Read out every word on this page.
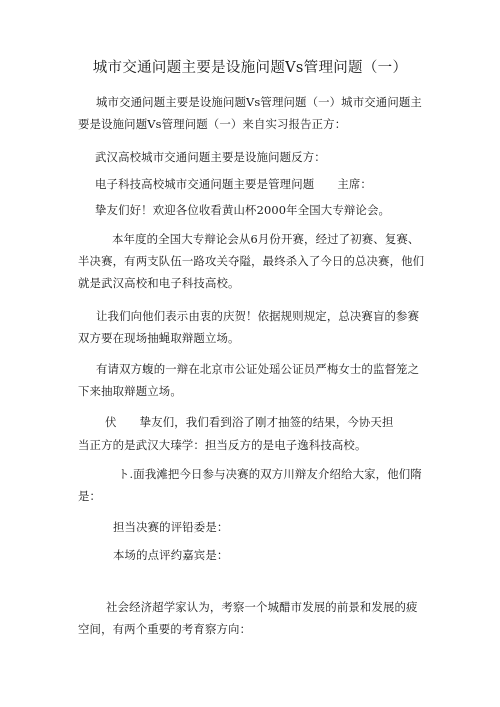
城市交通问题主要是设施问题Vs管理问题（一）

城市交通问题主要是设施问题Vs管理问题（一）城市交通问题主要是设施问题Vs管理问题（一）来自实习报告正方：

武汉高校城市交通问题主要是设施问题反方：

电子科技高校城市交通问题主要是管理问题　　主席：

挚友们好！欢迎各位收看黄山杯2000年全国大专辩论会。

本年度的全国大专辩论会从6月份开赛，经过了初赛、复赛、半决赛，有两支队伍一路攻关夺隘，最终杀入了今日的总决赛，他们就是武汉高校和电子科技高校。

让我们向他们表示由衷的庆贺！依据规则规定，总决赛盲的参赛双方要在现场抽蝇取辩题立场。

有请双方蝮的一辩在北京市公证处瑶公证员严梅女士的监督笼之下来抽取辩题立场。

伏　　挚友们，我们看到浴了刚才抽签的结果，今协天担

当正方的是武汉大瑧学：担当反方的是电子逸科技高校。

ト.面我滩把今日参与决赛的双方川辩友介绍给大家，他们隋是：

担当决赛的评铅委是：

本场的点评约嘉宾是：

社会经济超学家认为，考察一个城醋市发展的前景和发展的疲空间，有两个重要的考育察方向：
